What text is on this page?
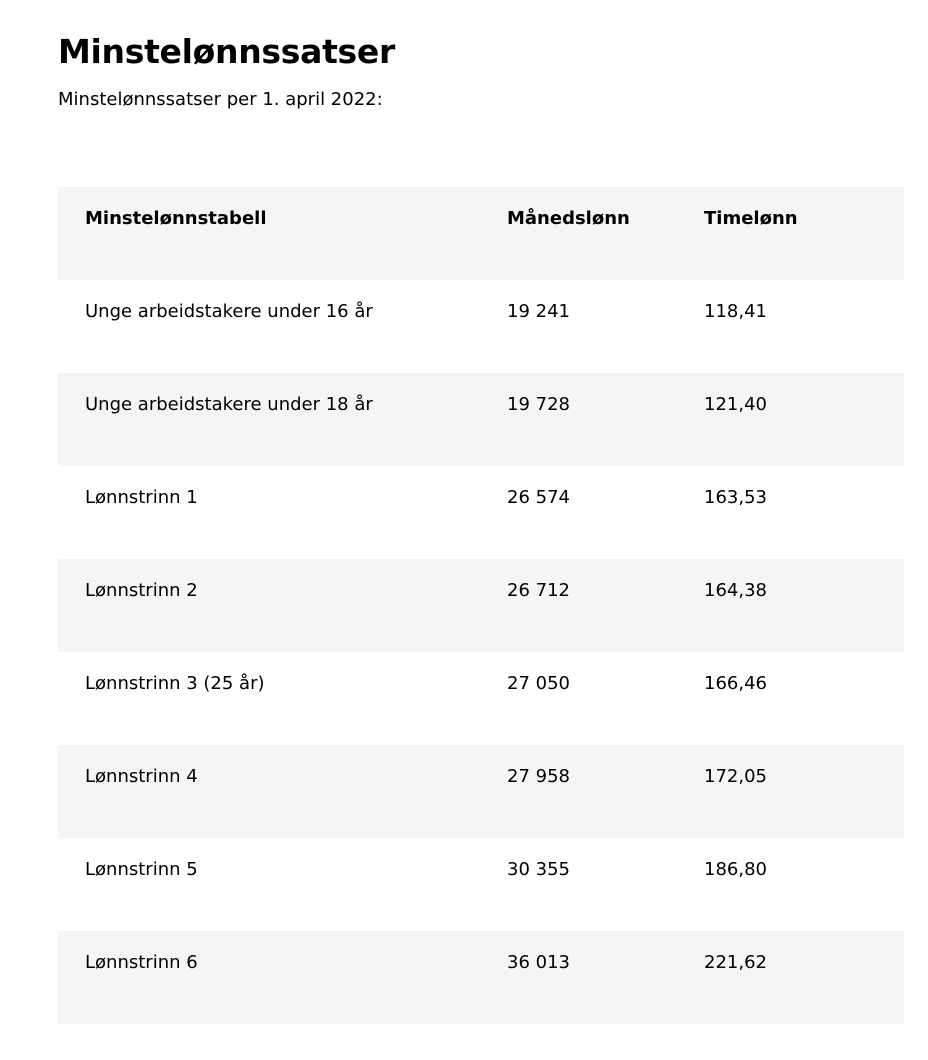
Minstelønnssatser

Minstelønnssatser per 1. april 2022:

Minstelønnstabell	Månedslønn	Timelønn
Unge arbeidstakere under 16 år	19 241	118,41
Unge arbeidstakere under 18 år	19 728	121,40
Lønnstrinn 1	26 574	163,53
Lønnstrinn 2	26 712	164,38
Lønnstrinn 3 (25 år)	27 050	166,46
Lønnstrinn 4	27 958	172,05
Lønnstrinn 5	30 355	186,80
Lønnstrinn 6	36 013	221,62
